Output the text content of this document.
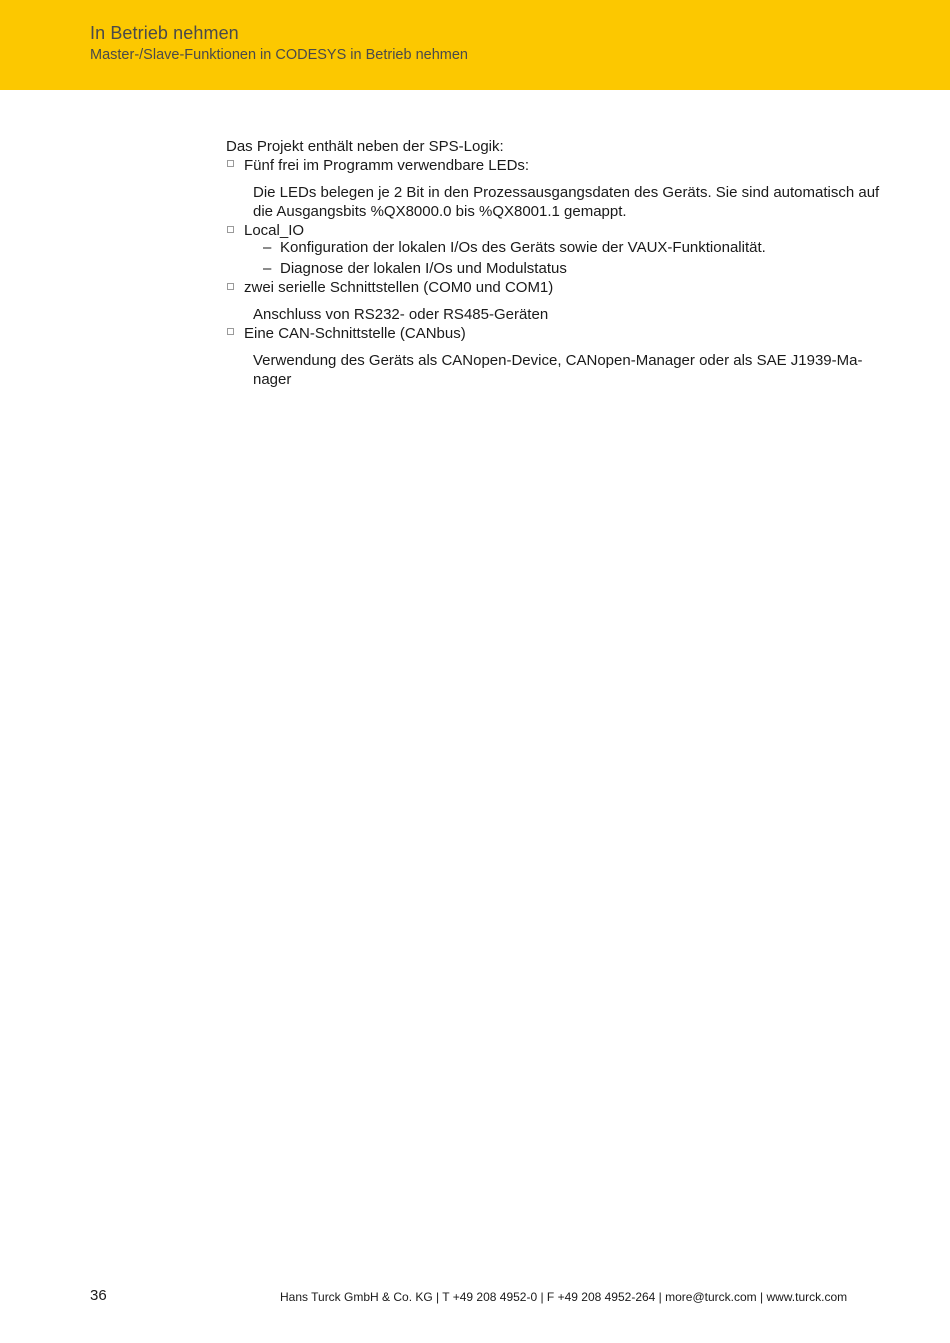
In Betrieb nehmen
Master-/Slave-Funktionen in CODESYS in Betrieb nehmen
Das Projekt enthält neben der SPS-Logik:
Fünf frei im Programm verwendbare LEDs:
Die LEDs belegen je 2 Bit in den Prozessausgangsdaten des Geräts. Sie sind automatisch auf
die Ausgangsbits %QX8000.0 bis %QX8001.1 gemappt.
Local_IO
– Konfiguration der lokalen I/Os des Geräts sowie der VAUX-Funktionalität.
– Diagnose der lokalen I/Os und Modulstatus
zwei serielle Schnittstellen (COM0 und COM1)
Anschluss von RS232- oder RS485-Geräten
Eine CAN-Schnittstelle (CANbus)
Verwendung des Geräts als CANopen-Device, CANopen-Manager oder als SAE J1939-Ma-
nager
36	Hans Turck GmbH & Co. KG | T +49 208 4952-0 | F +49 208 4952-264 | more@turck.com | www.turck.com
